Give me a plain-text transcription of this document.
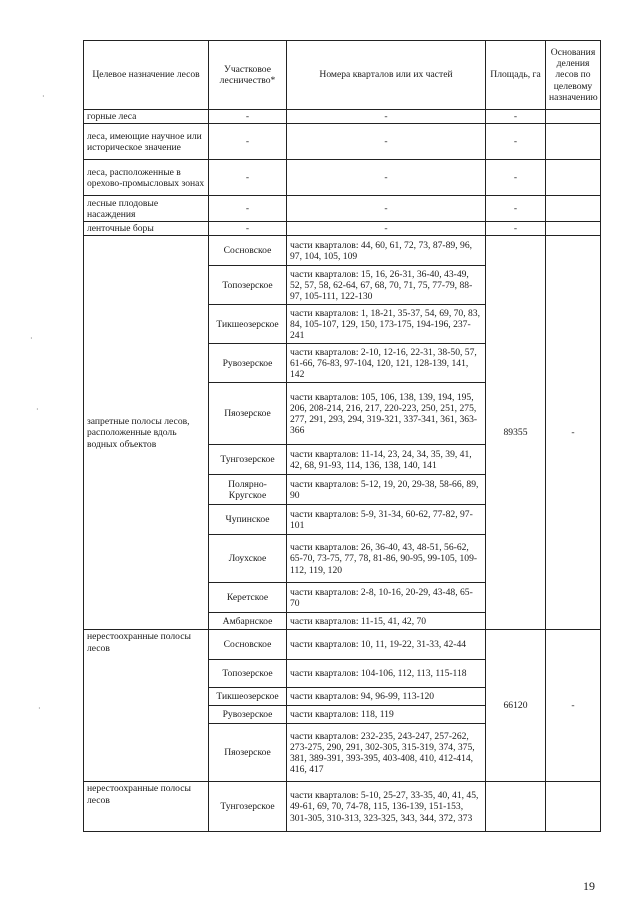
·
·
·
·
Целевое назначение лесов	Участковое лесничество*	Номера кварталов или их частей	Площадь, га	Основания деления лесов по целевому назначению
горные леса	-	-	-	
леса, имеющие научное или историческое значение	-	-	-	
леса, расположенные в орехово-промысловых зонах	-	-	-	
лесные плодовые насаждения	-	-	-	
ленточные боры	-	-	-	
запретные полосы лесов, расположенные вдоль водных объектов	Сосновское	части кварталов: 44, 60, 61, 72, 73, 87-89, 96, 97, 104, 105, 109	89355	-
	Топозерское	части кварталов: 15, 16, 26-31, 36-40, 43-49, 52, 57, 58, 62-64, 67, 68, 70, 71, 75, 77-79, 88-97, 105-111, 122-130		
	Тикшеозерское	части кварталов: 1, 18-21, 35-37, 54, 69, 70, 83, 84, 105-107, 129, 150, 173-175, 194-196, 237-241		
	Рувозерское	части кварталов: 2-10, 12-16, 22-31, 38-50, 57, 61-66, 76-83, 97-104, 120, 121, 128-139, 141, 142		
	Пяозерское	части кварталов: 105, 106, 138, 139, 194, 195, 206, 208-214, 216, 217, 220-223, 250, 251, 275, 277, 291, 293, 294, 319-321, 337-341, 361, 363-366		
	Тунгозерское	части кварталов: 11-14, 23, 24, 34, 35, 39, 41, 42, 68, 91-93, 114, 136, 138, 140, 141		
	Полярно-Кругское	части кварталов: 5-12, 19, 20, 29-38, 58-66, 89, 90		
	Чупинское	части кварталов: 5-9, 31-34, 60-62, 77-82, 97-101		
	Лоухское	части кварталов: 26, 36-40, 43, 48-51, 56-62, 65-70, 73-75, 77, 78, 81-86, 90-95, 99-105, 109-112, 119, 120		
	Керетское	части кварталов: 2-8, 10-16, 20-29, 43-48, 65-70		
	Амбарнское	части кварталов: 11-15, 41, 42, 70		
нерестоохранные полосы лесов	Сосновское	части кварталов: 10, 11, 19-22, 31-33, 42-44	66120	-
	Топозерское	части кварталов: 104-106, 112, 113, 115-118		
	Тикшеозерское	части кварталов: 94, 96-99, 113-120		
	Рувозерское	части кварталов: 118, 119		
	Пяозерское	части кварталов: 232-235, 243-247, 257-262, 273-275, 290, 291, 302-305, 315-319, 374, 375, 381, 389-391, 393-395, 403-408, 410, 412-414, 416, 417		
нерестоохранные полосы лесов	Тунгозерское	части кварталов: 5-10, 25-27, 33-35, 40, 41, 45, 49-61, 69, 70, 74-78, 115, 136-139, 151-153, 301-305, 310-313, 323-325, 343, 344, 372, 373		
19
